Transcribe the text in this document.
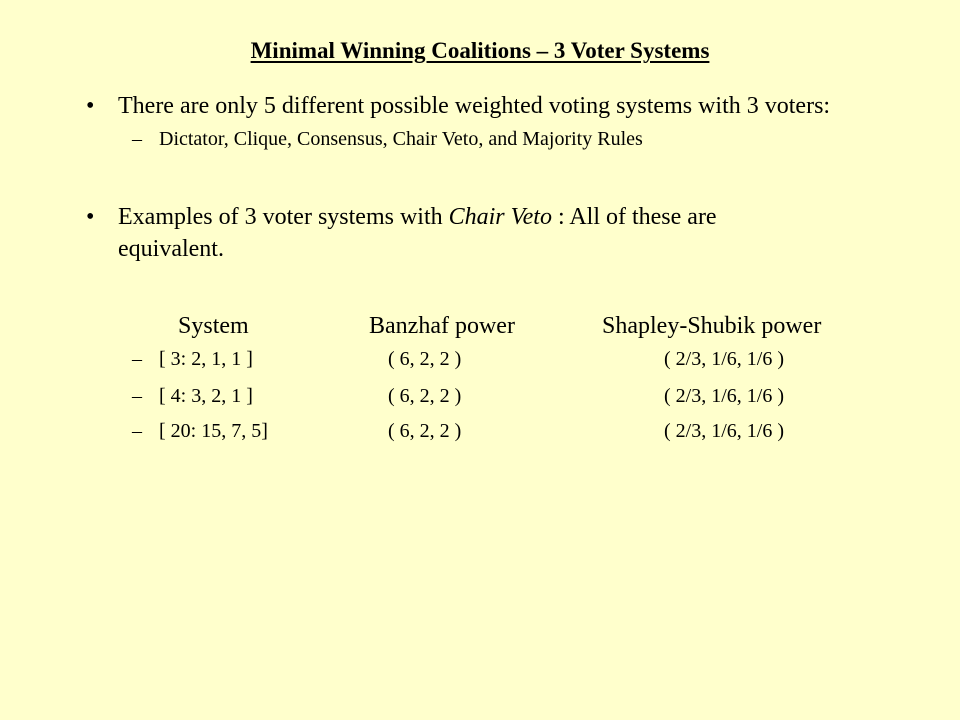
Minimal Winning Coalitions – 3 Voter Systems
• There are only 5 different possible weighted voting systems with 3 voters:
– Dictator, Clique, Consensus, Chair Veto, and Majority Rules
• Examples of 3 voter systems with Chair Veto : All of these are equivalent.
System	Banzhaf power	Shapley-Shubik power
– [ 3: 2, 1, 1 ]	( 6, 2, 2 )	( 2/3, 1/6, 1/6 )
– [ 4: 3, 2, 1 ]	( 6, 2, 2 )	( 2/3, 1/6, 1/6 )
– [ 20: 15, 7, 5]	( 6, 2, 2 )	( 2/3, 1/6, 1/6 )
